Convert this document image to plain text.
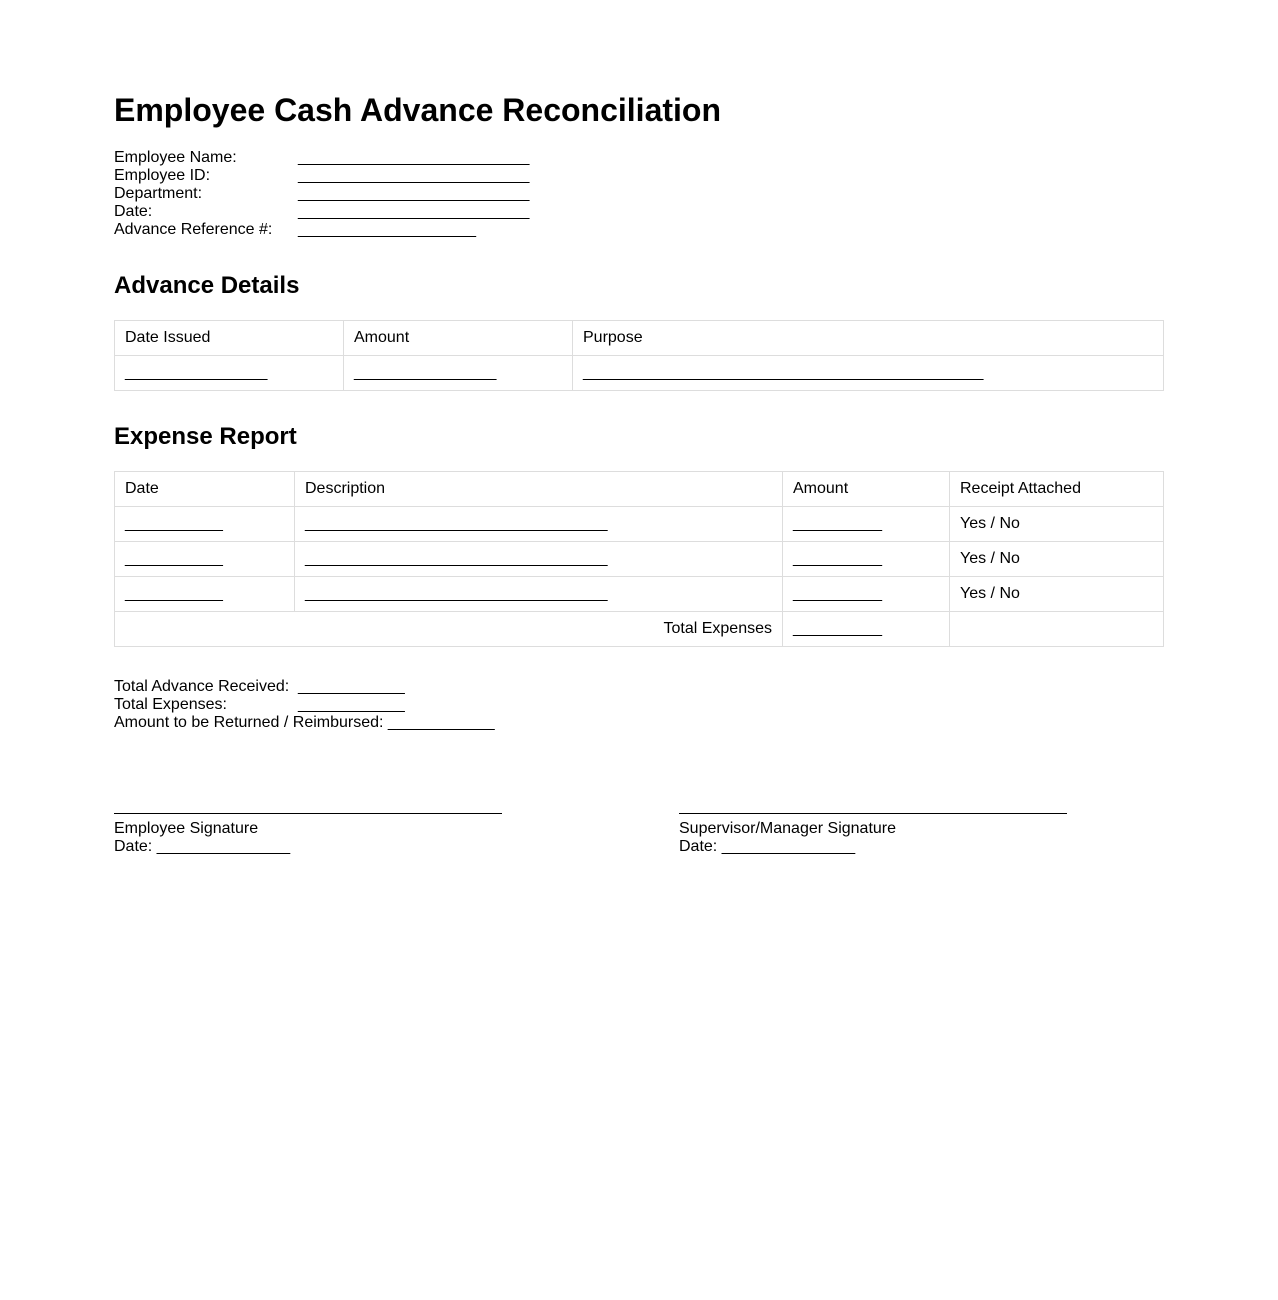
Employee Cash Advance Reconciliation
Employee Name:	__________________________
Employee ID:	__________________________
Department:	__________________________
Date:	__________________________
Advance Reference #:	____________________
Advance Details
Date Issued	Amount	Purpose
________________	________________	_____________________________________________
Expense Report
Date	Description	Amount	Receipt Attached
___________	__________________________________	__________	Yes / No
___________	__________________________________	__________	Yes / No
___________	__________________________________	__________	Yes / No
Total Expenses		__________	
Total Advance Received: ____________
Total Expenses:	____________
Amount to be Returned / Reimbursed: ____________
Employee Signature
Date: _______________
Supervisor/Manager Signature
Date: _______________
